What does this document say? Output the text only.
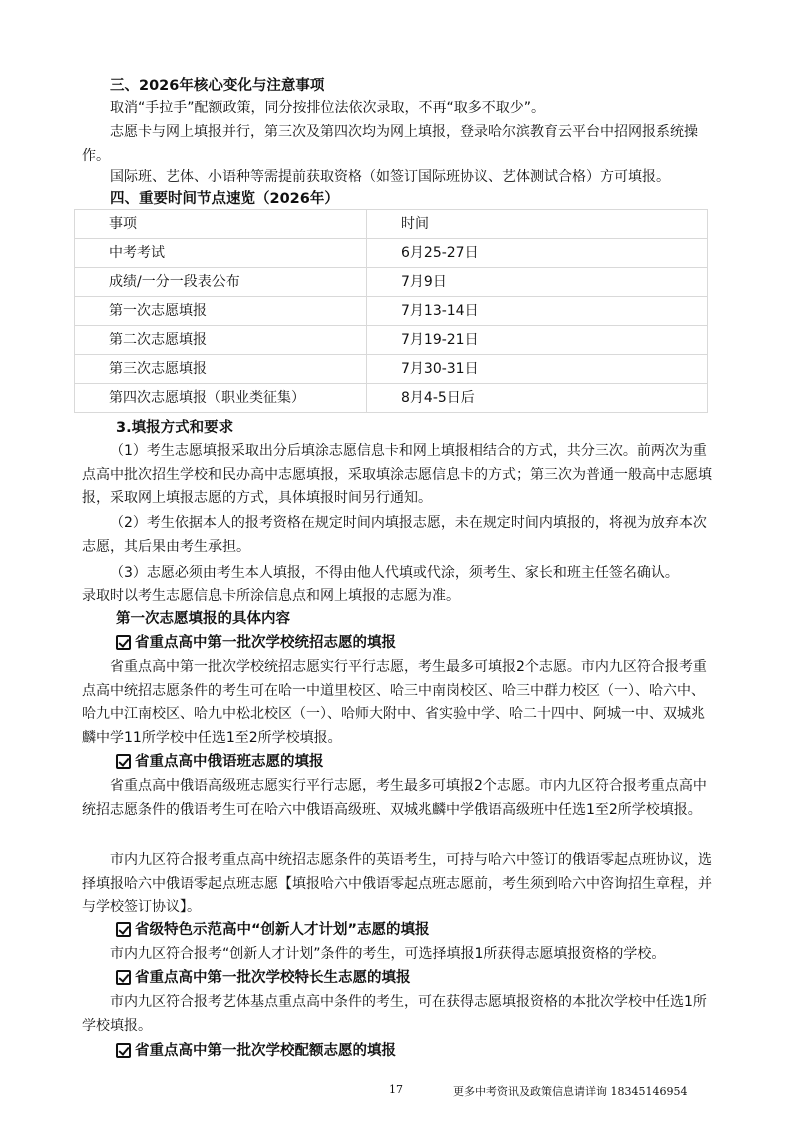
三、2026年核心变化与注意事项
取消“手拉手”配额政策，同分按排位法依次录取，不再“取多不取少”。
志愿卡与网上填报并行，第三次及第四次均为网上填报，登录哈尔滨教育云平台中招网报系统操作。
国际班、艺体、小语种等需提前获取资格（如签订国际班协议、艺体测试合格）方可填报。
四、重要时间节点速览（2026年）
事项	时间
中考考试	6月25-27日
成绩/一分一段表公布	7月9日
第一次志愿填报	7月13-14日
第二次志愿填报	7月19-21日
第三次志愿填报	7月30-31日
第四次志愿填报（职业类征集）	8月4-5日后
3.填报方式和要求
（1）考生志愿填报采取出分后填涂志愿信息卡和网上填报相结合的方式，共分三次。前两次为重点高中批次招生学校和民办高中志愿填报，采取填涂志愿信息卡的方式；第三次为普通一般高中志愿填报，采取网上填报志愿的方式，具体填报时间另行通知。
（2）考生依据本人的报考资格在规定时间内填报志愿，未在规定时间内填报的，将视为放弃本次志愿，其后果由考生承担。
（3）志愿必须由考生本人填报，不得由他人代填或代涂，须考生、家长和班主任签名确认。
录取时以考生志愿信息卡所涂信息点和网上填报的志愿为准。
第一次志愿填报的具体内容
省重点高中第一批次学校统招志愿的填报
省重点高中第一批次学校统招志愿实行平行志愿，考生最多可填报2个志愿。市内九区符合报考重点高中统招志愿条件的考生可在哈一中道里校区、哈三中南岗校区、哈三中群力校区（一）、哈六中、哈九中江南校区、哈九中松北校区（一）、哈师大附中、省实验中学、哈二十四中、阿城一中、双城兆麟中学11所学校中任选1至2所学校填报。
省重点高中俄语班志愿的填报
省重点高中俄语高级班志愿实行平行志愿，考生最多可填报2个志愿。市内九区符合报考重点高中统招志愿条件的俄语考生可在哈六中俄语高级班、双城兆麟中学俄语高级班中任选1至2所学校填报。
市内九区符合报考重点高中统招志愿条件的英语考生，可持与哈六中签订的俄语零起点班协议，选择填报哈六中俄语零起点班志愿【填报哈六中俄语零起点班志愿前，考生须到哈六中咨询招生章程，并与学校签订协议】。
省级特色示范高中“创新人才计划”志愿的填报
市内九区符合报考“创新人才计划”条件的考生，可选择填报1所获得志愿填报资格的学校。
省重点高中第一批次学校特长生志愿的填报
市内九区符合报考艺体基点重点高中条件的考生，可在获得志愿填报资格的本批次学校中任选1所学校填报。
省重点高中第一批次学校配额志愿的填报
17	更多中考资讯及政策信息请详询 18345146954
